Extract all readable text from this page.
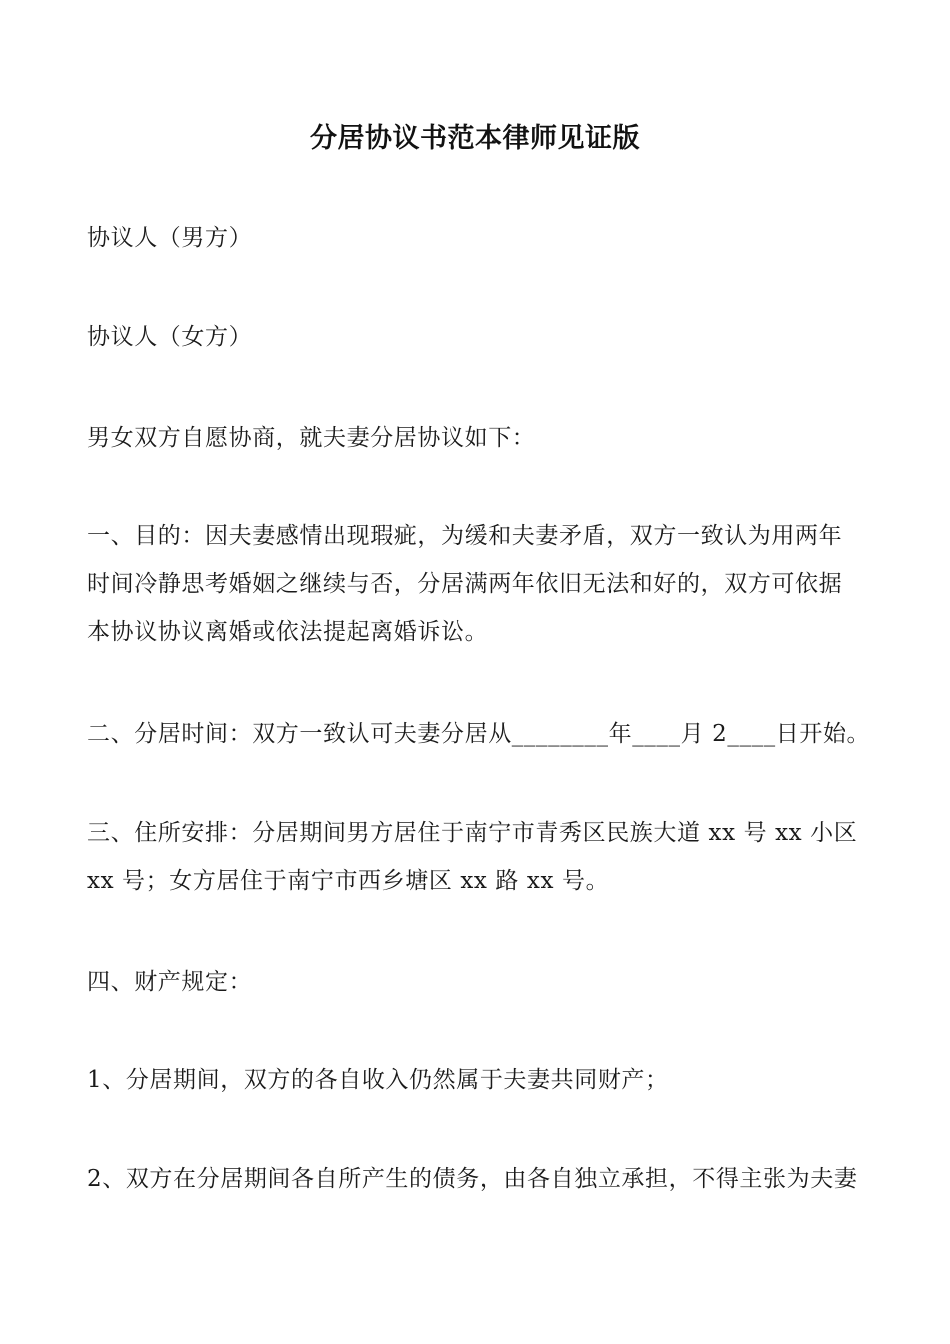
分居协议书范本律师见证版
协议人（男方）
协议人（女方）
男女双方自愿协商，就夫妻分居协议如下：
一、目的：因夫妻感情出现瑕疵，为缓和夫妻矛盾，双方一致认为用两年
时间冷静思考婚姻之继续与否，分居满两年依旧无法和好的，双方可依据
本协议协议离婚或依法提起离婚诉讼。
二、分居时间：双方一致认可夫妻分居从________年____月 2____日开始。
三、住所安排：分居期间男方居住于南宁市青秀区民族大道 xx 号 xx 小区
xx 号；女方居住于南宁市西乡塘区 xx 路 xx 号。
四、财产规定：
1、分居期间，双方的各自收入仍然属于夫妻共同财产；
2、双方在分居期间各自所产生的债务，由各自独立承担，不得主张为夫妻
